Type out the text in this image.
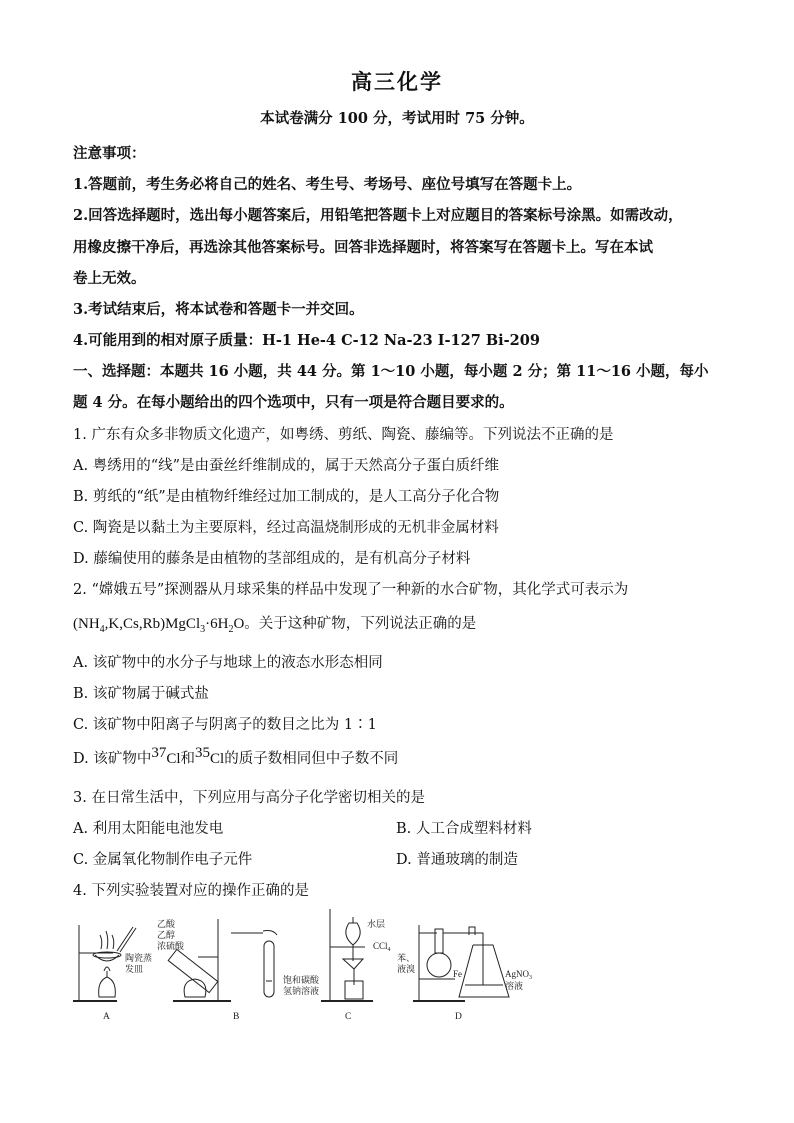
高三化学
本试卷满分 100 分，考试用时 75 分钟。
注意事项：
1.答题前，考生务必将自己的姓名、考生号、考场号、座位号填写在答题卡上。
2.回答选择题时，选出每小题答案后，用铅笔把答题卡上对应题目的答案标号涂黑。如需改动，
用橡皮擦干净后，再选涂其他答案标号。回答非选择题时，将答案写在答题卡上。写在本试
卷上无效。
3.考试结束后，将本试卷和答题卡一并交回。
4.可能用到的相对原子质量：H-1 He-4 C-12 Na-23 I-127 Bi-209
一、选择题：本题共 16 小题，共 44 分。第 1～10 小题，每小题 2 分；第 11～16 小题，每小
题 4 分。在每小题给出的四个选项中，只有一项是符合题目要求的。
1. 广东有众多非物质文化遗产，如粤绣、剪纸、陶瓷、藤编等。下列说法不正确的是
A. 粤绣用的“线”是由蚕丝纤维制成的，属于天然高分子蛋白质纤维
B. 剪纸的“纸”是由植物纤维经过加工制成的，是人工高分子化合物
C. 陶瓷是以黏土为主要原料，经过高温烧制形成的无机非金属材料
D. 藤编使用的藤条是由植物的茎部组成的，是有机高分子材料
2. “嫦娥五号”探测器从月球采集的样品中发现了一种新的水合矿物，其化学式可表示为
$(NH_4,K,Cs,Rb)MgCl_3\cdot 6H_2O$。关于这种矿物，下列说法正确的是
A. 该矿物中的水分子与地球上的液态水形态相同
B. 该矿物属于碱式盐
C. 该矿物中阳离子与阴离子的数目之比为 1∶1
D. 该矿物中$^{37}$Cl和$^{35}$Cl的质子数相同但中子数不同
3. 在日常生活中，下列应用与高分子化学密切相关的是
A. 利用太阳能电池发电	B. 人工合成塑料材料
C. 金属氧化物制作电子元件	D. 普通玻璃的制造
4. 下列实验装置对应的操作正确的是
陶瓷蒸
发皿
A
乙酸
乙醇
浓硫酸
饱和碳酸
氢钠溶液
B
水层
CCl$_4$
C
苯、
液溴	Fe	AgNO$_3$
溶液
D
